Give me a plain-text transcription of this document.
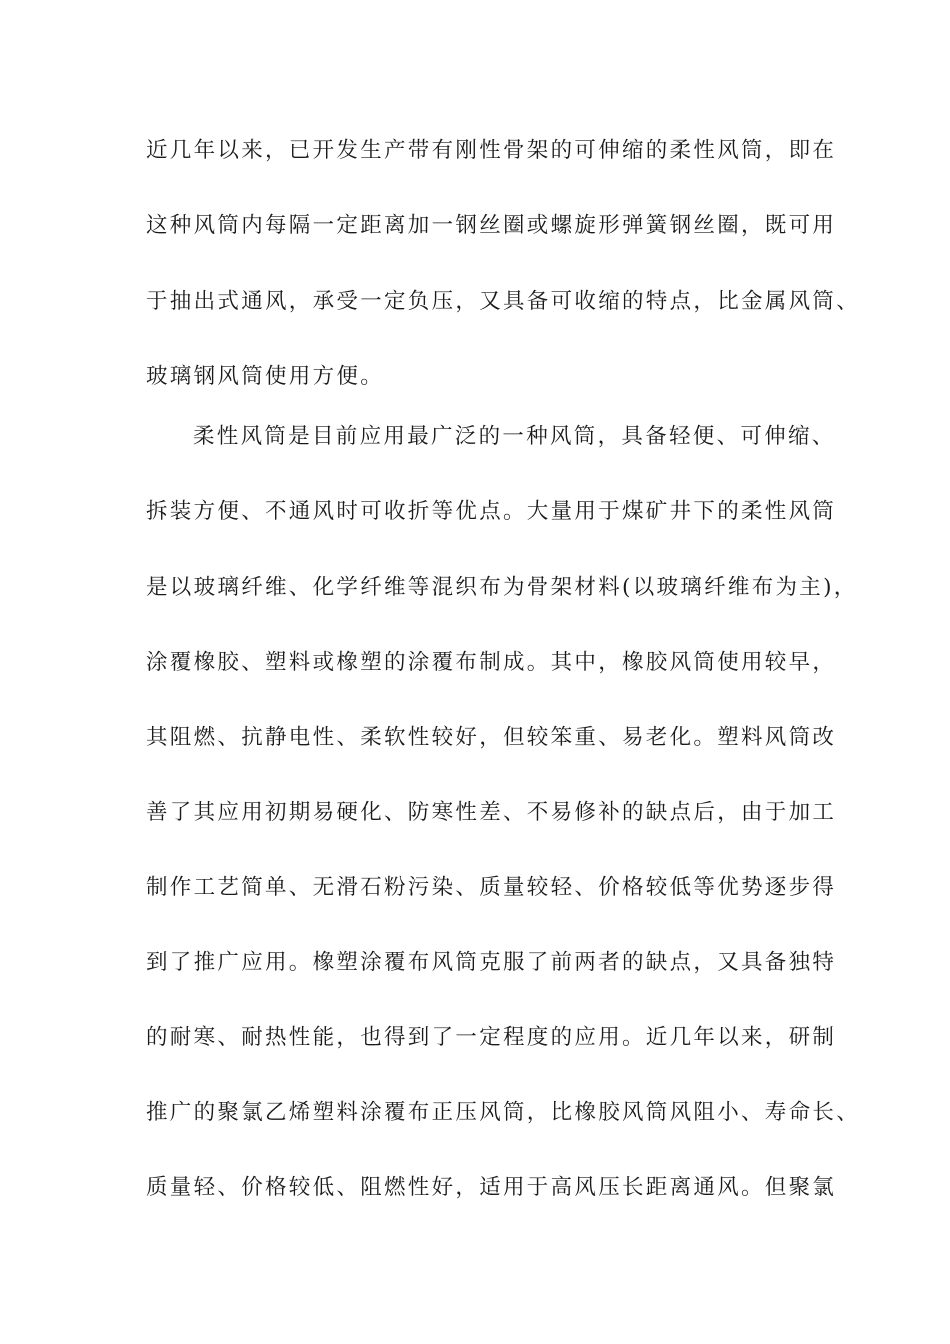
近几年以来，已开发生产带有刚性骨架的可伸缩的柔性风筒，即在
这种风筒内每隔一定距离加一钢丝圈或螺旋形弹簧钢丝圈，既可用
于抽出式通风，承受一定负压，又具备可收缩的特点，比金属风筒、
玻璃钢风筒使用方便。
柔性风筒是目前应用最广泛的一种风筒，具备轻便、可伸缩、
拆装方便、不通风时可收折等优点。大量用于煤矿井下的柔性风筒
是以玻璃纤维、化学纤维等混织布为骨架材料(以玻璃纤维布为主)，
涂覆橡胶、塑料或橡塑的涂覆布制成。其中，橡胶风筒使用较早，
其阻燃、抗静电性、柔软性较好，但较笨重、易老化。塑料风筒改
善了其应用初期易硬化、防寒性差、不易修补的缺点后，由于加工
制作工艺简单、无滑石粉污染、质量较轻、价格较低等优势逐步得
到了推广应用。橡塑涂覆布风筒克服了前两者的缺点，又具备独特
的耐寒、耐热性能，也得到了一定程度的应用。近几年以来，研制
推广的聚氯乙烯塑料涂覆布正压风筒，比橡胶风筒风阻小、寿命长、
质量轻、价格较低、阻燃性好，适用于高风压长距离通风。但聚氯
